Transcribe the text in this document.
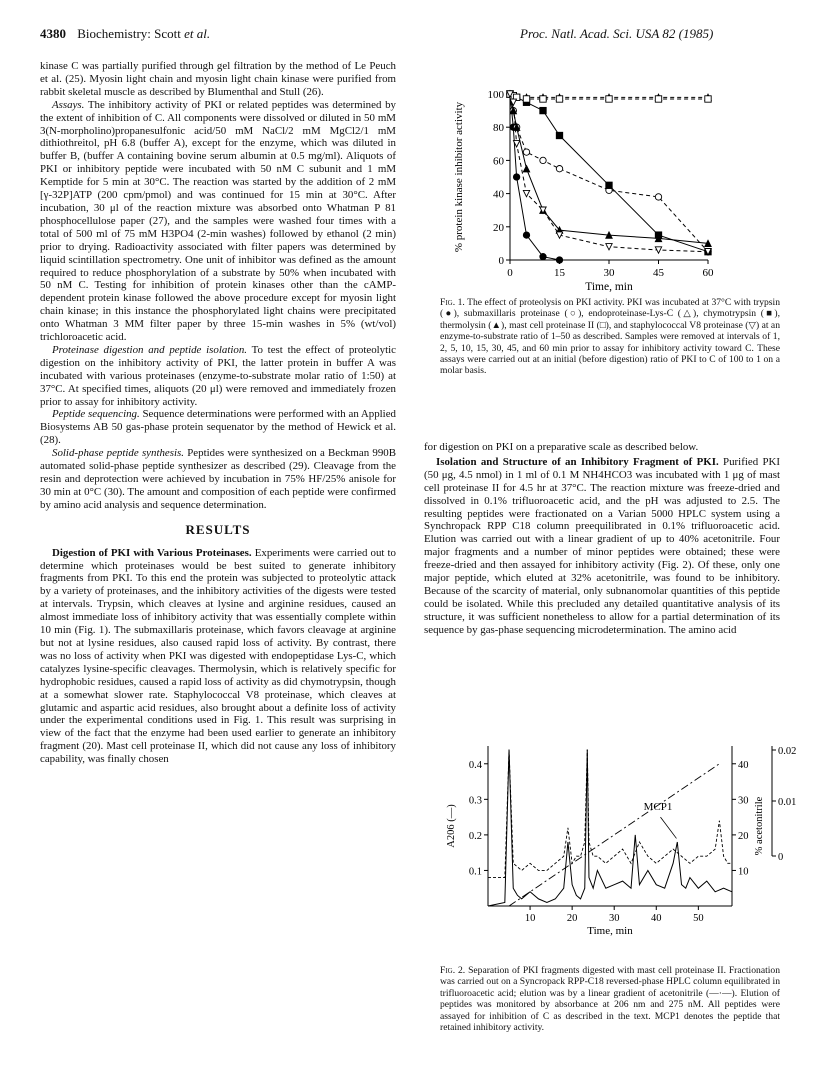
4380 Biochemistry: Scott et al.	Proc. Natl. Acad. Sci. USA 82 (1985)

kinase C was partially purified through gel filtration by the method of Le Peuch et al. (25). Myosin light chain and myosin light chain kinase were purified from rabbit skeletal muscle as described by Blumenthal and Stull (26).

Assays. The inhibitory activity of PKI or related peptides was determined by the extent of inhibition of C. All components were dissolved or diluted in 50 mM 3(N-morpholino)propanesulfonic acid/50 mM NaCl/2 mM MgCl2/1 mM dithiothreitol, pH 6.8 (buffer A), except for the enzyme, which was diluted in buffer B, (buffer A containing bovine serum albumin at 0.5 mg/ml). Aliquots of PKI or inhibitory peptide were incubated with 50 nM C subunit and 1 mM Kemptide for 5 min at 30°C. The reaction was started by the addition of 2 mM [γ-32P]ATP (200 cpm/pmol) and was continued for 15 min at 30°C. After incubation, 30 μl of the reaction mixture was absorbed onto Whatman P 81 phosphocellulose paper (27), and the samples were washed four times with a total of 500 ml of 75 mM H3PO4 (2-min washes) followed by ethanol (2 min) prior to drying. Radioactivity associated with filter papers was determined by liquid scintillation spectrometry. One unit of inhibitor was defined as the amount required to reduce phosphorylation of a substrate by 50% when incubated with 50 nM C. Testing for inhibition of protein kinases other than the cAMP-dependent protein kinase followed the above procedure except for myosin light chain kinase; in this instance the phosphorylated light chains were precipitated onto Whatman 3 MM filter paper by three 15-min washes in 5% (wt/vol) trichloroacetic acid.

Proteinase digestion and peptide isolation. To test the effect of proteolytic digestion on the inhibitory activity of PKI, the latter protein in buffer A was incubated with various proteinases (enzyme-to-substrate molar ratio of 1:50) at 37°C. At specified times, aliquots (20 μl) were removed and immediately frozen prior to assay for inhibitory activity.

Peptide sequencing. Sequence determinations were performed with an Applied Biosystems AB 50 gas-phase protein sequenator by the method of Hewick et al. (28).

Solid-phase peptide synthesis. Peptides were synthesized on a Beckman 990B automated solid-phase peptide synthesizer as described (29). Cleavage from the resin and deprotection were achieved by incubation in 75% HF/25% anisole for 30 min at 0°C (30). The amount and composition of each peptide were confirmed by amino acid analysis and sequence determination.

RESULTS

Digestion of PKI with Various Proteinases. Experiments were carried out to determine which proteinases would be best suited to generate inhibitory fragments from PKI. To this end the protein was subjected to proteolytic attack by a variety of proteinases, and the inhibitory activities of the digests were tested at intervals. Trypsin, which cleaves at lysine and arginine residues, caused an almost immediate loss of inhibitory activity that was essentially complete within 10 min (Fig. 1). The submaxillaris proteinase, which favors cleavage at arginine but not at lysine residues, also caused rapid loss of activity. By contrast, there was no loss of activity when PKI was digested with endopeptidase Lys-C, which catalyzes lysine-specific cleavages. Thermolysin, which is relatively specific for hydrophobic residues, caused a rapid loss of activity as did chymotrypsin, though at a somewhat slower rate. Staphylococcal V8 proteinase, which cleaves at glutamic and aspartic acid residues, also brought about a definite loss of activity under the experimental conditions used in Fig. 1. This result was surprising in view of the fact that the enzyme had been used earlier to generate an inhibitory fragment (20). Mast cell proteinase II, which did not cause any loss of inhibitory capability, was finally chosen

0
20
40
60
80
100
0	15	30	45	60
Time, min
% protein kinase inhibitor activity
Fig. 1. The effect of proteolysis on PKI activity. PKI was incubated at 37°C with trypsin (●), submaxillaris proteinase (○), endoproteinase-Lys-C (△), chymotrypsin (■), thermolysin (▲), mast cell proteinase II (□), and staphylococcal V8 proteinase (▽) at an enzyme-to-substrate ratio of 1–50 as described. Samples were removed at intervals of 1, 2, 5, 10, 15, 30, 45, and 60 min prior to assay for inhibitory activity toward C. These assays were carried out at an initial (before digestion) ratio of PKI to C of 100 to 1 on a molar basis.

for digestion on PKI on a preparative scale as described below.

Isolation and Structure of an Inhibitory Fragment of PKI. Purified PKI (50 μg, 4.5 nmol) in 1 ml of 0.1 M NH4HCO3 was incubated with 1 μg of mast cell proteinase II for 4.5 hr at 37°C. The reaction mixture was freeze-dried and dissolved in 0.1% trifluoroacetic acid, and the pH was adjusted to 2.5. The resulting peptides were fractionated on a Varian 5000 HPLC system using a Synchropack RPP C18 column preequilibrated in 0.1% trifluoroacetic acid. Elution was carried out with a linear gradient of up to 40% acetonitrile. Four major fragments and a number of minor peptides were obtained; these were freeze-dried and then assayed for inhibitory activity (Fig. 2). Of these, only one major peptide, which eluted at 32% acetonitrile, was found to be inhibitory. Because of the scarcity of material, only subnanomolar quantities of this peptide could be isolated. While this precluded any detailed quantitative analysis of its structure, it was sufficient nonetheless to allow for a partial determination of its sequence by gas-phase sequencing microdetermination. The amino acid

0.1
0.2
0.3
0.4
10
20
30
40
0
0.01
0.02
10	20	30	40	50
Time, min
A206 (—)	% acetonitrile
MCP1
Fig. 2. Separation of PKI fragments digested with mast cell proteinase II. Fractionation was carried out on a Syncropack RPP-C18 reversed-phase HPLC column equilibrated in trifluoroacetic acid; elution was by a linear gradient of acetonitrile (—·—). Elution of peptides was monitored by absorbance at 206 nm and 275 nM. All peptides were assayed for inhibition of C as described in the text. MCP1 denotes the peptide that retained inhibitory activity.
